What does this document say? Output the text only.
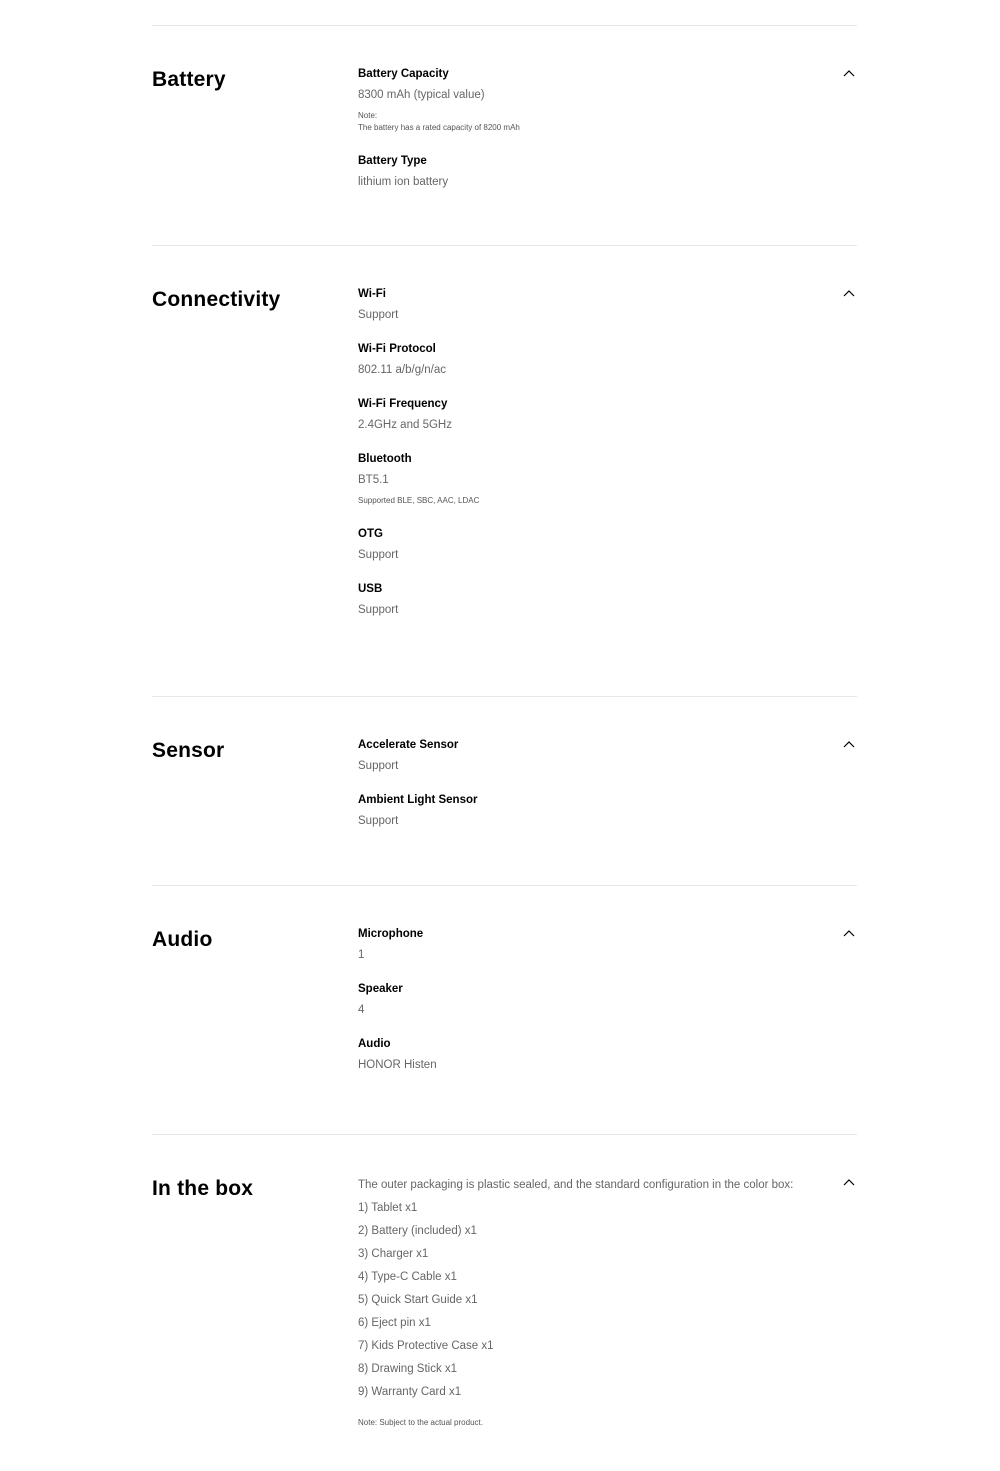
Battery	Battery Capacity
8300 mAh (typical value)
Note:
The battery has a rated capacity of 8200 mAh
Battery Type
lithium ion battery
Connectivity	Wi-Fi
Support
Wi-Fi Protocol
802.11 a/b/g/n/ac
Wi-Fi Frequency
2.4GHz and 5GHz
Bluetooth
BT5.1
Supported BLE, SBC, AAC, LDAC
OTG
Support
USB
Support
Sensor	Accelerate Sensor
Support
Ambient Light Sensor
Support
Audio	Microphone
1
Speaker
4
Audio
HONOR Histen
In the box	The outer packaging is plastic sealed, and the standard configuration in the color box:
1) Tablet x1
2) Battery (included) x1
3) Charger x1
4) Type-C Cable x1
5) Quick Start Guide x1
6) Eject pin x1
7) Kids Protective Case x1
8) Drawing Stick x1
9) Warranty Card x1
Note: Subject to the actual product.
